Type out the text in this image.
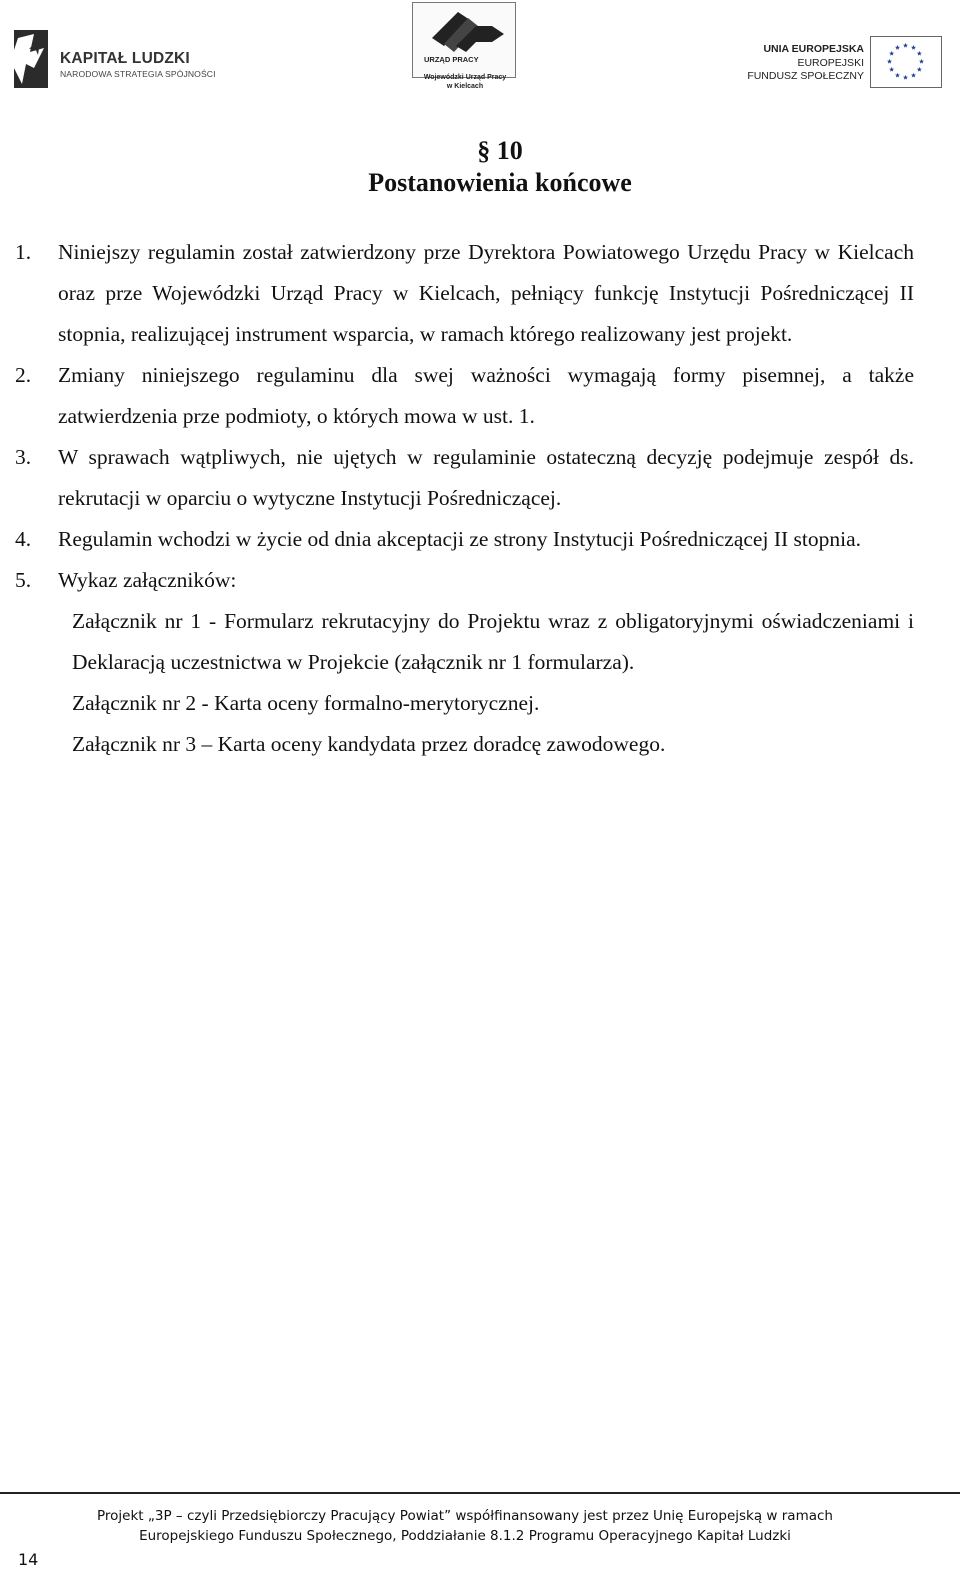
KAPITAŁ LUDZKI
NARODOWA STRATEGIA SPÓJNOŚCI
URZĄD PRACY
Wojewódzki Urząd Pracy
w Kielcach
UNIA EUROPEJSKA
EUROPEJSKI
FUNDUSZ SPOŁECZNY
§ 10
Postanowienia końcowe
1. Niniejszy regulamin został zatwierdzony prze Dyrektora Powiatowego Urzędu Pracy w Kielcach oraz prze Wojewódzki Urząd Pracy w Kielcach, pełniący funkcję Instytucji Pośredniczącej II stopnia, realizującej instrument wsparcia, w ramach którego realizowany jest projekt.
2. Zmiany niniejszego regulaminu dla swej ważności wymagają formy pisemnej, a także zatwierdzenia prze podmioty, o których mowa w ust. 1.
3. W sprawach wątpliwych, nie ujętych w regulaminie ostateczną decyzję podejmuje zespół ds. rekrutacji w oparciu o wytyczne Instytucji Pośredniczącej.
4. Regulamin wchodzi w życie od dnia akceptacji ze strony Instytucji Pośredniczącej II stopnia.
5. Wykaz załączników:
Załącznik nr 1 - Formularz rekrutacyjny do Projektu wraz z obligatoryjnymi oświadczeniami i Deklaracją uczestnictwa w Projekcie (załącznik nr 1 formularza).
Załącznik nr 2 - Karta oceny formalno-merytorycznej.
Załącznik nr 3 – Karta oceny kandydata przez doradcę zawodowego.
Projekt „3P – czyli Przedsiębiorczy Pracujący Powiat” współfinansowany jest przez Unię Europejską w ramach
Europejskiego Funduszu Społecznego, Poddziałanie 8.1.2 Programu Operacyjnego Kapitał Ludzki
14
